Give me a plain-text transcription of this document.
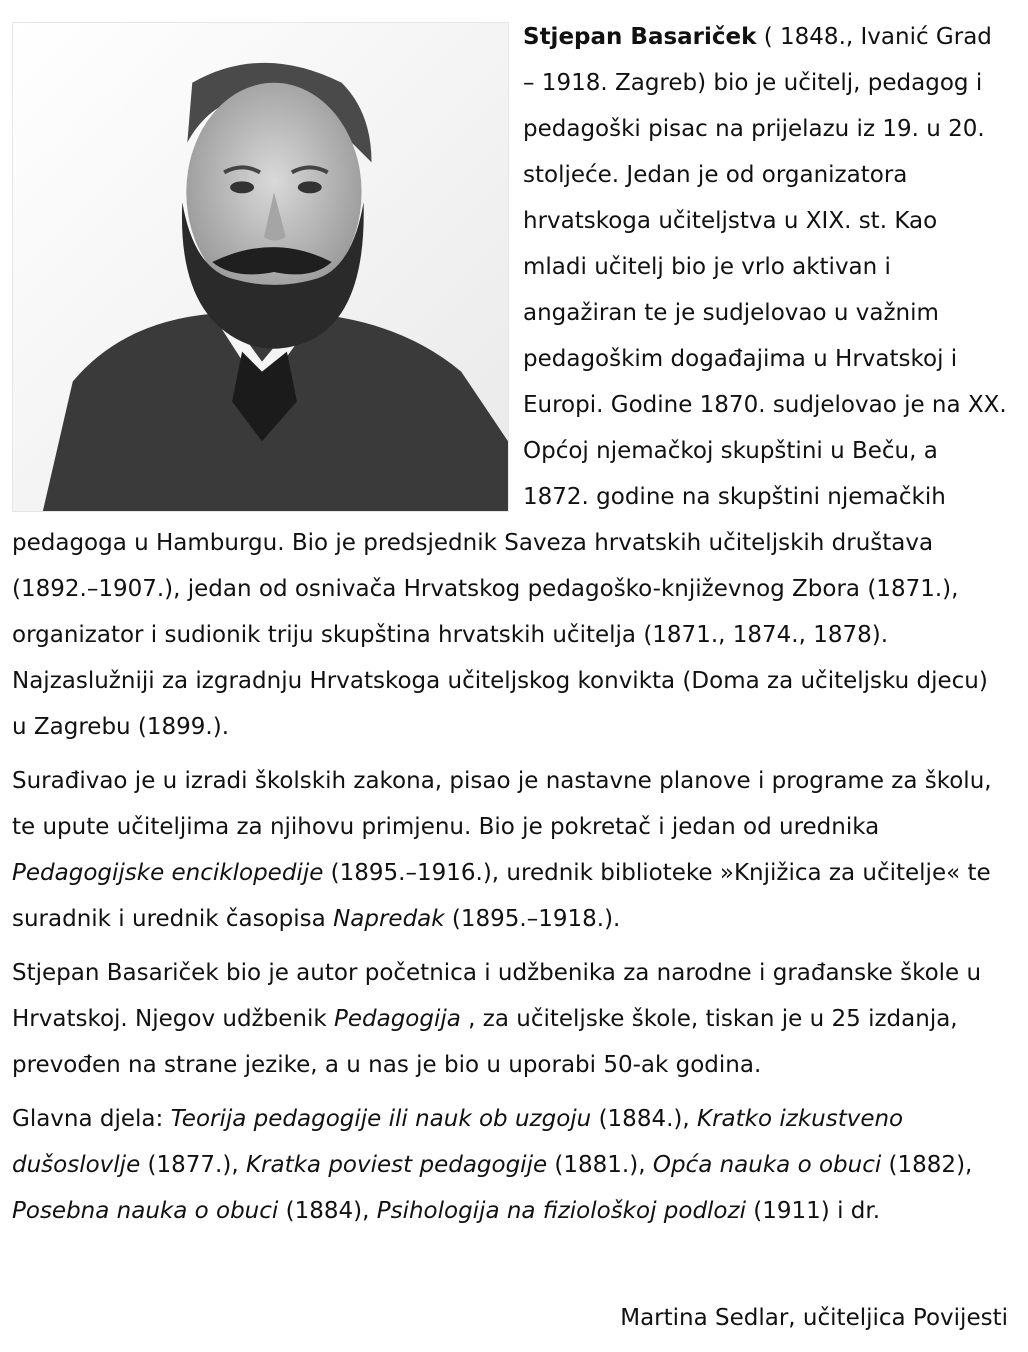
Stjepan Basariček ( 1848., Ivanić Grad – 1918. Zagreb) bio je učitelj, pedagog i pedagoški pisac na prijelazu iz 19. u 20. stoljeće. Jedan je od organizatora hrvatskoga učiteljstva u XIX. st. Kao mladi učitelj bio je vrlo aktivan i angažiran te je sudjelovao u važnim pedagoškim događajima u Hrvatskoj i Europi. Godine 1870. sudjelovao je na XX. Općoj njemačkoj skupštini u Beču, a 1872. godine na skupštini njemačkih pedagoga u Hamburgu. Bio je predsjednik Saveza hrvatskih učiteljskih društava (1892.–1907.), jedan od osnivača Hrvatskog pedagoško-književnog Zbora (1871.), organizator i sudionik triju skupština hrvatskih učitelja (1871., 1874., 1878). Najzaslužniji za izgradnju Hrvatskoga učiteljskog konvikta (Doma za učiteljsku djecu) u Zagrebu (1899.).

Surađivao je u izradi školskih zakona, pisao je nastavne planove i programe za školu, te upute učiteljima za njihovu primjenu. Bio je pokretač i jedan od urednika Pedagogijske enciklopedije (1895.–1916.), urednik biblioteke »Knjižica za učitelje« te suradnik i urednik časopisa Napredak (1895.–1918.).

Stjepan Basariček bio je autor početnica i udžbenika za narodne i građanske škole u Hrvatskoj. Njegov udžbenik Pedagogija , za učiteljske škole, tiskan je u 25 izdanja, prevođen na strane jezike, a u nas je bio u uporabi 50-ak godina.

Glavna djela: Teorija pedagogije ili nauk ob uzgoju (1884.), Kratko izkustveno dušoslovlje (1877.), Kratka poviest pedagogije (1881.), Opća nauka o obuci (1882), Posebna nauka o obuci (1884), Psihologija na fiziološkoj podlozi (1911) i dr.

Martina Sedlar, učiteljica Povijesti
